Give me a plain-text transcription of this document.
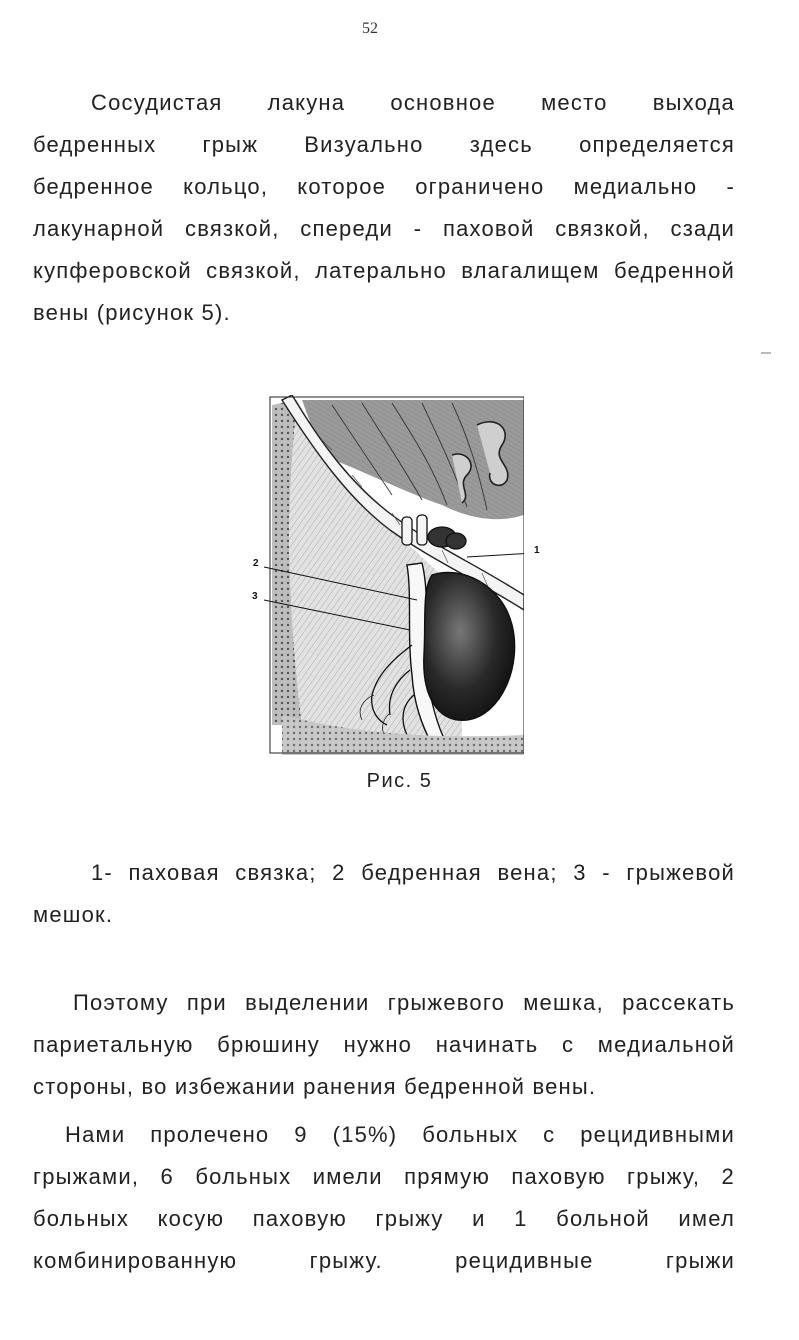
52
Сосудистая лакуна основное место выхода
бедренных грыж Визуально здесь определяется
бедренное кольцо, которое ограничено медиально -
лакунарной связкой, спереди - паховой связкой, сзади
купферовской связкой, латерально влагалищем бедренной
вены (рисунок 5).
2
3
1
Рис. 5
1- паховая связка; 2 бедренная вена; 3 - грыжевой
мешок.
Поэтому при выделении грыжевого мешка, рассекать
париетальную брюшину нужно начинать с медиальной
стороны, во избежании ранения бедренной вены.
Нами пролечено 9 (15%) больных с рецидивными
грыжами, 6 больных имели прямую паховую грыжу, 2
больных косую паховую грыжу и 1 больной имел
комбинированную грыжу. рецидивные грыжи
